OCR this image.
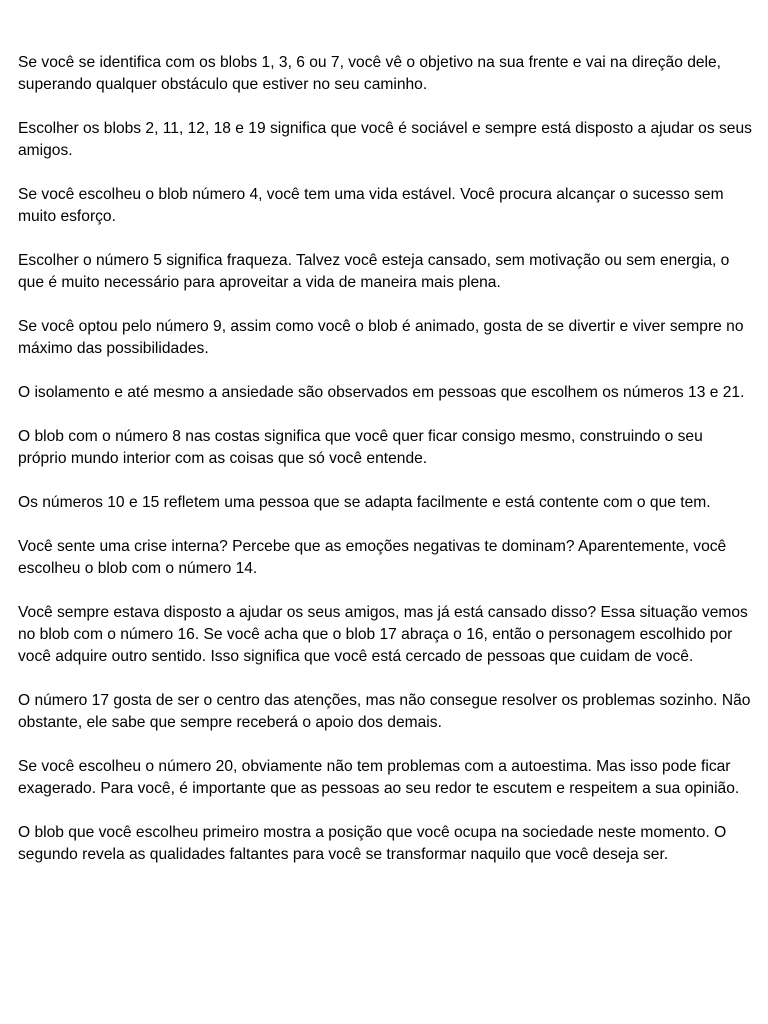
Se você se identifica com os blobs 1, 3, 6 ou 7, você vê o objetivo na sua frente e vai na direção dele, superando qualquer obstáculo que estiver no seu caminho.

Escolher os blobs 2, 11, 12, 18 e 19 significa que você é sociável e sempre está disposto a ajudar os seus amigos.

Se você escolheu o blob número 4, você tem uma vida estável. Você procura alcançar o sucesso sem muito esforço.

Escolher o número 5 significa fraqueza. Talvez você esteja cansado, sem motivação ou sem energia, o que é muito necessário para aproveitar a vida de maneira mais plena.

Se você optou pelo número 9, assim como você o blob é animado, gosta de se divertir e viver sempre no máximo das possibilidades.

O isolamento e até mesmo a ansiedade são observados em pessoas que escolhem os números 13 e 21.

O blob com o número 8 nas costas significa que você quer ficar consigo mesmo, construindo o seu próprio mundo interior com as coisas que só você entende.

Os números 10 e 15 refletem uma pessoa que se adapta facilmente e está contente com o que tem.

Você sente uma crise interna? Percebe que as emoções negativas te dominam? Aparentemente, você escolheu o blob com o número 14.

Você sempre estava disposto a ajudar os seus amigos, mas já está cansado disso? Essa situação vemos no blob com o número 16. Se você acha que o blob 17 abraça o 16, então o personagem escolhido por você adquire outro sentido. Isso significa que você está cercado de pessoas que cuidam de você.

O número 17 gosta de ser o centro das atenções, mas não consegue resolver os problemas sozinho. Não obstante, ele sabe que sempre receberá o apoio dos demais.

Se você escolheu o número 20, obviamente não tem problemas com a autoestima. Mas isso pode ficar exagerado. Para você, é importante que as pessoas ao seu redor te escutem e respeitem a sua opinião.

O blob que você escolheu primeiro mostra a posição que você ocupa na sociedade neste momento. O segundo revela as qualidades faltantes para você se transformar naquilo que você deseja ser.
